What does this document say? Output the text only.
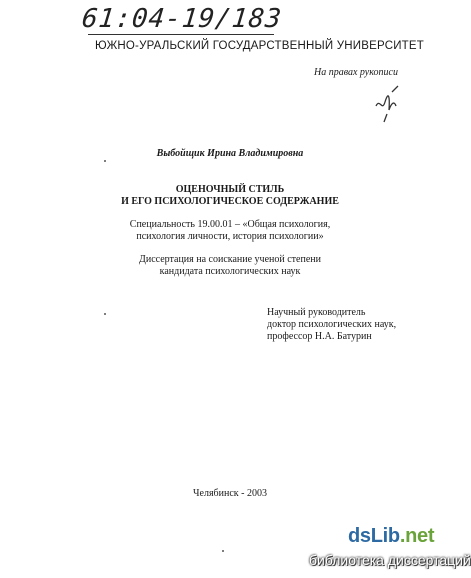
61:04-19/183
ЮЖНО-УРАЛЬСКИЙ ГОСУДАРСТВЕННЫЙ УНИВЕРСИТЕТ
На правах рукописи
Выбойщик Ирина Владимировна
ОЦЕНОЧНЫЙ СТИЛЬ
И ЕГО ПСИХОЛОГИЧЕСКОЕ СОДЕРЖАНИЕ
Специальность 19.00.01 – «Общая психология,
психология личности, история психологии»
Диссертация на соискание ученой степени
кандидата психологических наук
Научный руководитель
доктор психологических наук,
профессор Н.А. Батурин
Челябинск - 2003
dsLib.net
библиотека диссертаций
